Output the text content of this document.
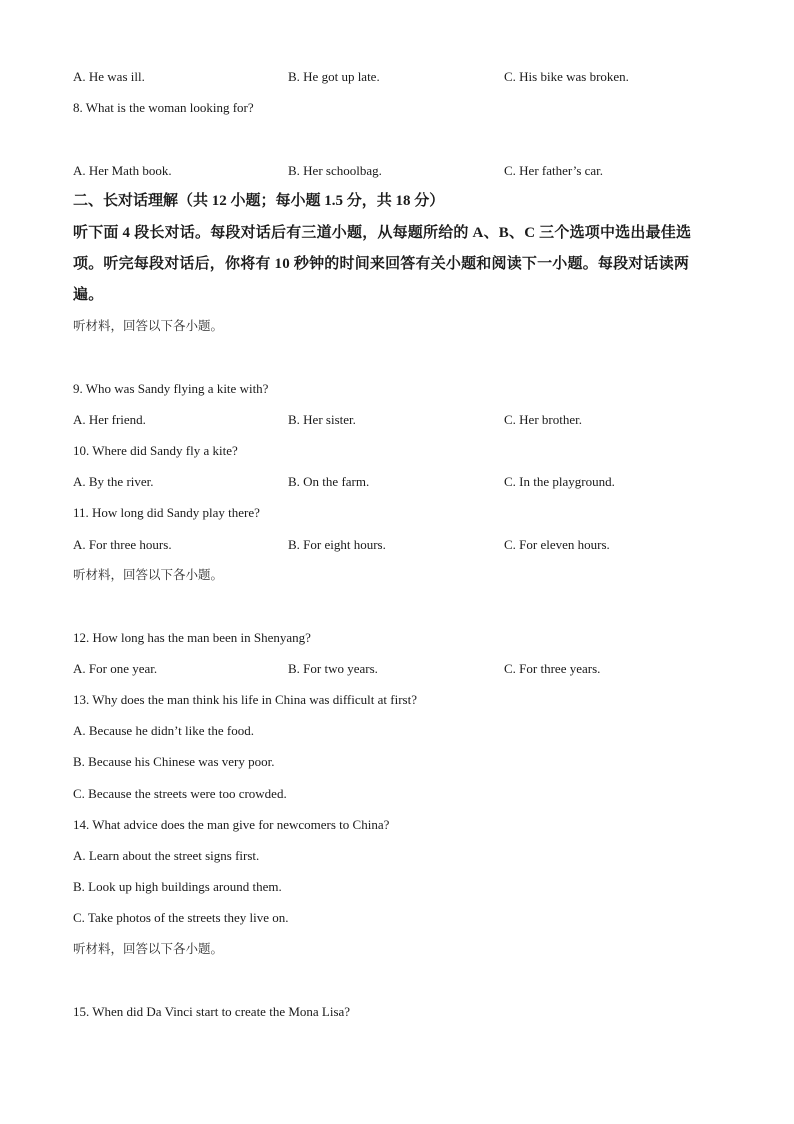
A. He was ill.	B. He got up late.	C. His bike was broken.
8. What is the woman looking for?
A. Her Math book.	B. Her schoolbag.	C. Her father’s car.
二、长对话理解（共 12 小题；每小题 1.5 分，共 18 分）
听下面 4 段长对话。每段对话后有三道小题，从每题所给的 A、B、C 三个选项中选出最佳选
项。听完每段对话后，你将有 10 秒钟的时间来回答有关小题和阅读下一小题。每段对话读两
遍。
听材料，回答以下各小题。
9. Who was Sandy flying a kite with?
A. Her friend.	B. Her sister.	C. Her brother.
10. Where did Sandy fly a kite?
A. By the river.	B. On the farm.	C. In the playground.
11. How long did Sandy play there?
A. For three hours.	B. For eight hours.	C. For eleven hours.
听材料，回答以下各小题。
12. How long has the man been in Shenyang?
A. For one year.	B. For two years.	C. For three years.
13. Why does the man think his life in China was difficult at first?
A. Because he didn’t like the food.
B. Because his Chinese was very poor.
C. Because the streets were too crowded.
14. What advice does the man give for newcomers to China?
A. Learn about the street signs first.
B. Look up high buildings around them.
C. Take photos of the streets they live on.
听材料，回答以下各小题。
15. When did Da Vinci start to create the Mona Lisa?
